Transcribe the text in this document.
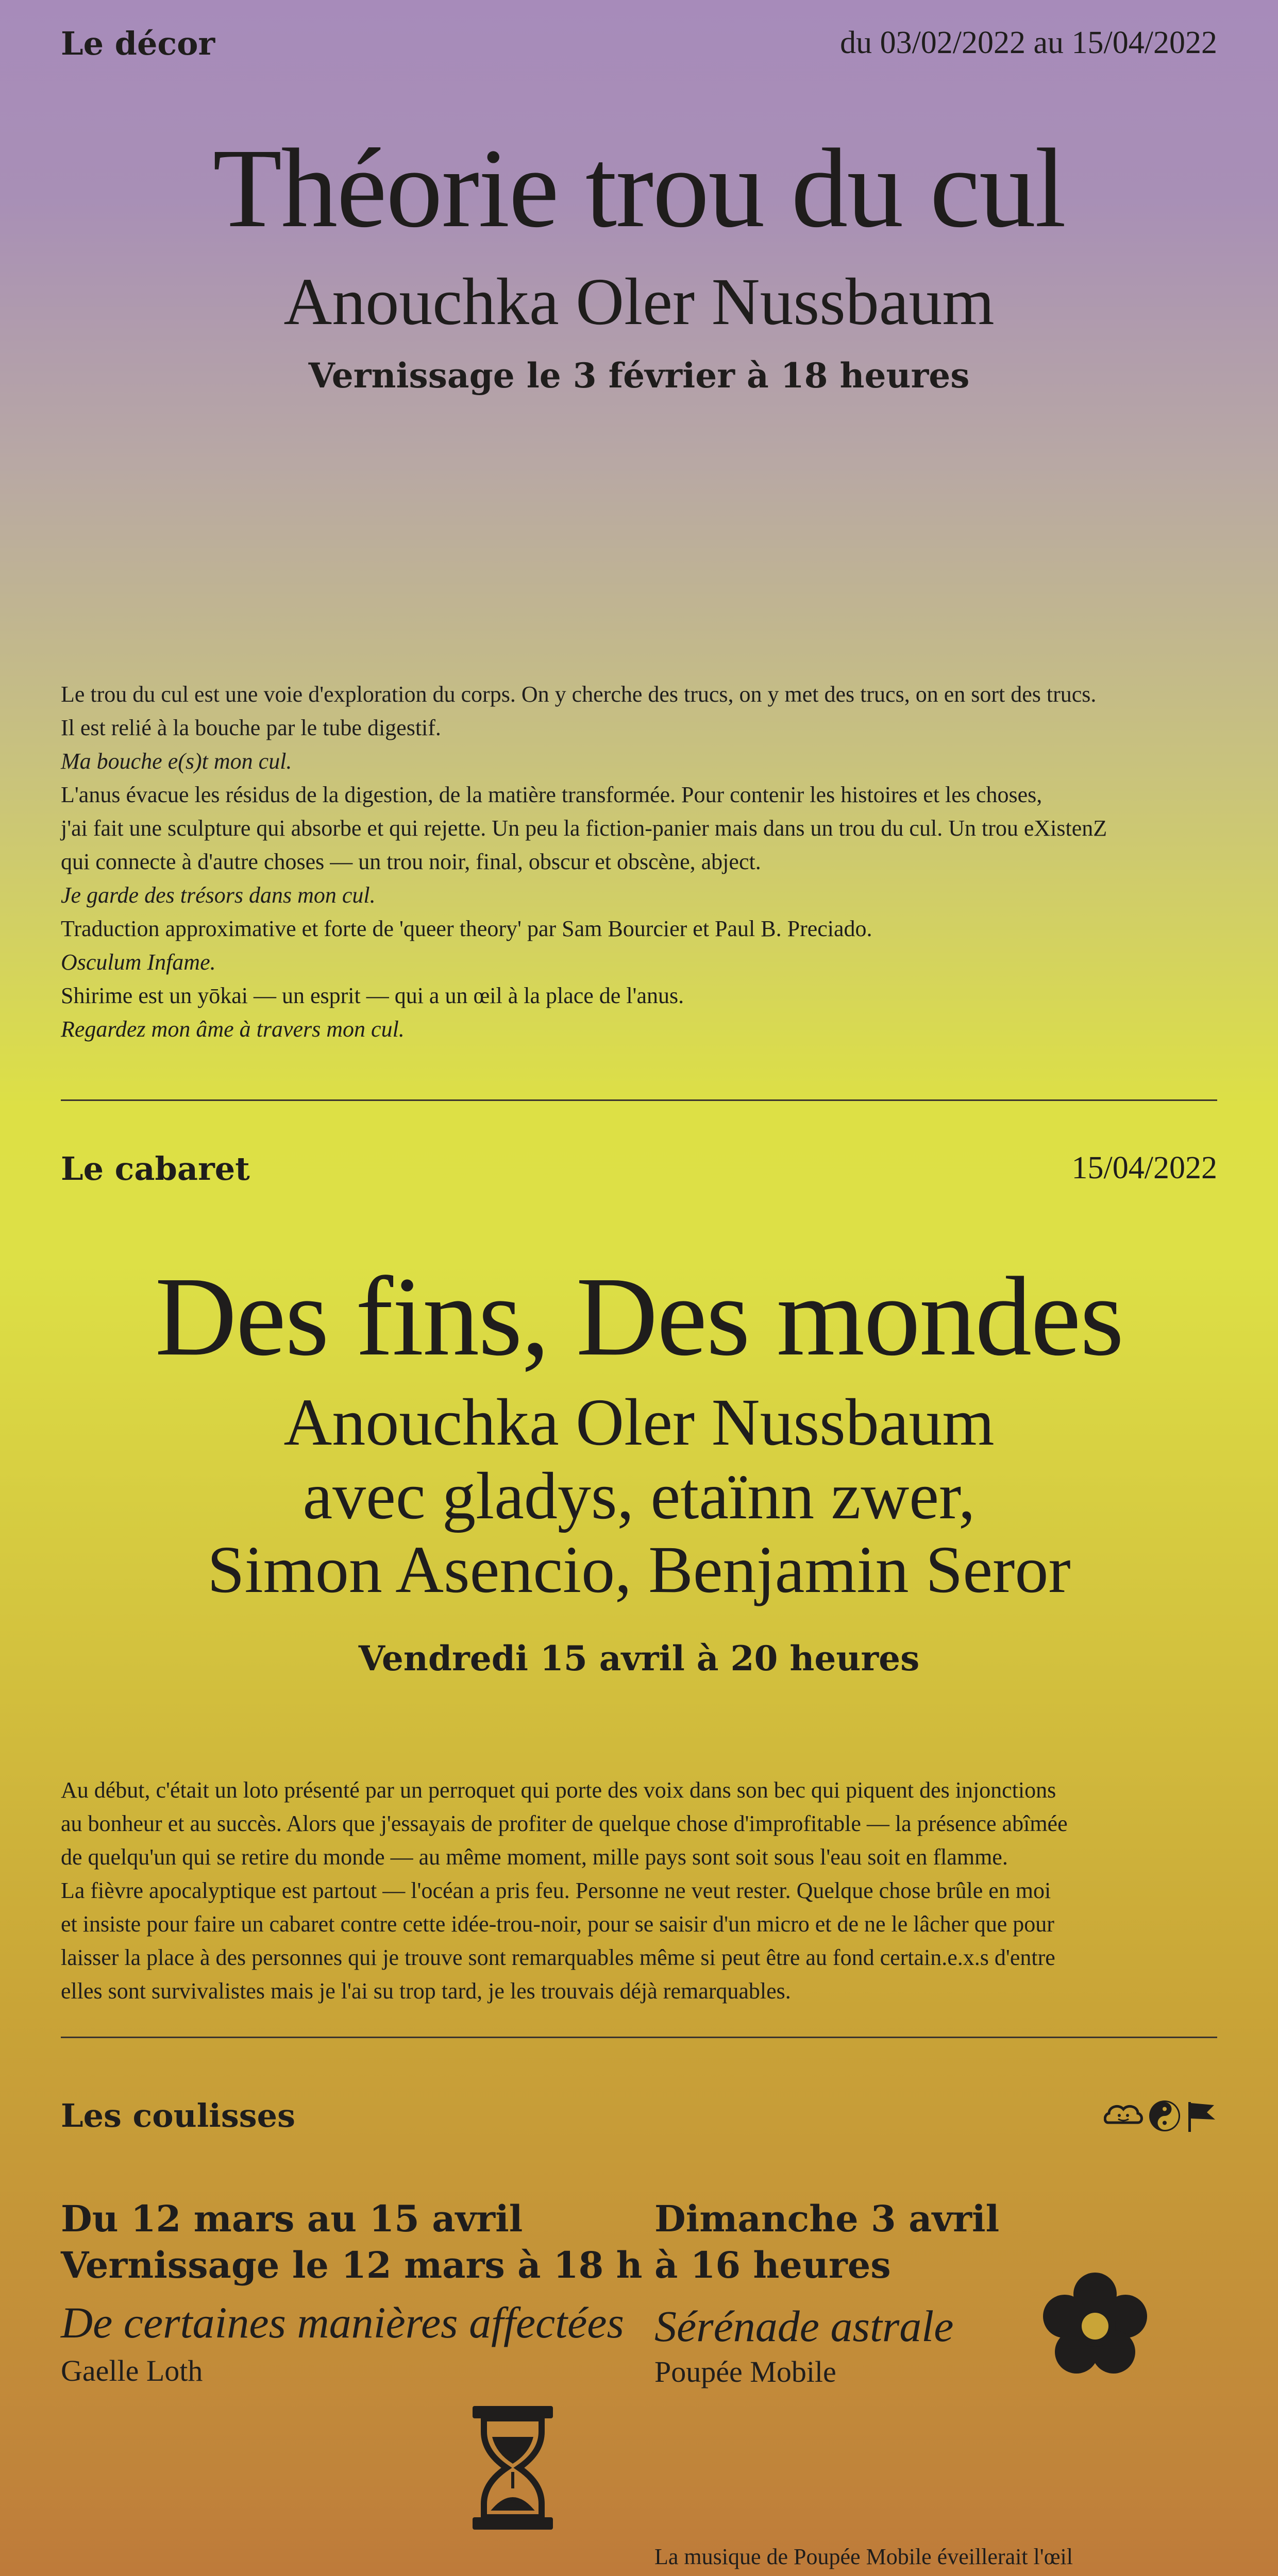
Le décor	du 03/02/2022 au 15/04/2022
Théorie trou du cul
Anouchka Oler Nussbaum
Vernissage le 3 février à 18 heures
Le trou du cul est une voie d'exploration du corps. On y cherche des trucs, on y met des trucs, on en sort des trucs.
Il est relié à la bouche par le tube digestif.
Ma bouche e(s)t mon cul.
L'anus évacue les résidus de la digestion, de la matière transformée. Pour contenir les histoires et les choses,
j'ai fait une sculpture qui absorbe et qui rejette. Un peu la fiction-panier mais dans un trou du cul. Un trou eXistenZ
qui connecte à d'autre choses — un trou noir, final, obscur et obscène, abject.
Je garde des trésors dans mon cul.
Traduction approximative et forte de 'queer theory' par Sam Bourcier et Paul B. Preciado.
Osculum Infame.
Shirime est un yōkai — un esprit — qui a un œil à la place de l'anus.
Regardez mon âme à travers mon cul.
Le cabaret	15/04/2022
Des fins, Des mondes
Anouchka Oler Nussbaum
avec gladys, etaïnn zwer,
Simon Asencio, Benjamin Seror
Vendredi 15 avril à 20 heures
Au début, c'était un loto présenté par un perroquet qui porte des voix dans son bec qui piquent des injonctions
au bonheur et au succès. Alors que j'essayais de profiter de quelque chose d'improfitable — la présence abîmée
de quelqu'un qui se retire du monde — au même moment, mille pays sont soit sous l'eau soit en flamme.
La fièvre apocalyptique est partout — l'océan a pris feu. Personne ne veut rester. Quelque chose brûle en moi
et insiste pour faire un cabaret contre cette idée-trou-noir, pour se saisir d'un micro et de ne le lâcher que pour
laisser la place à des personnes qui je trouve sont remarquables même si peut être au fond certain.e.x.s d'entre
elles sont survivalistes mais je l'ai su trop tard, je les trouvais déjà remarquables.
Les coulisses
Du 12 mars au 15 avril
Vernissage le 12 mars à 18 h
De certaines manières affectées
Gaelle Loth
Dimanche 3 avril
à 16 heures
Sérénade astrale
Poupée Mobile
La musique de Poupée Mobile éveillerait l'œil
